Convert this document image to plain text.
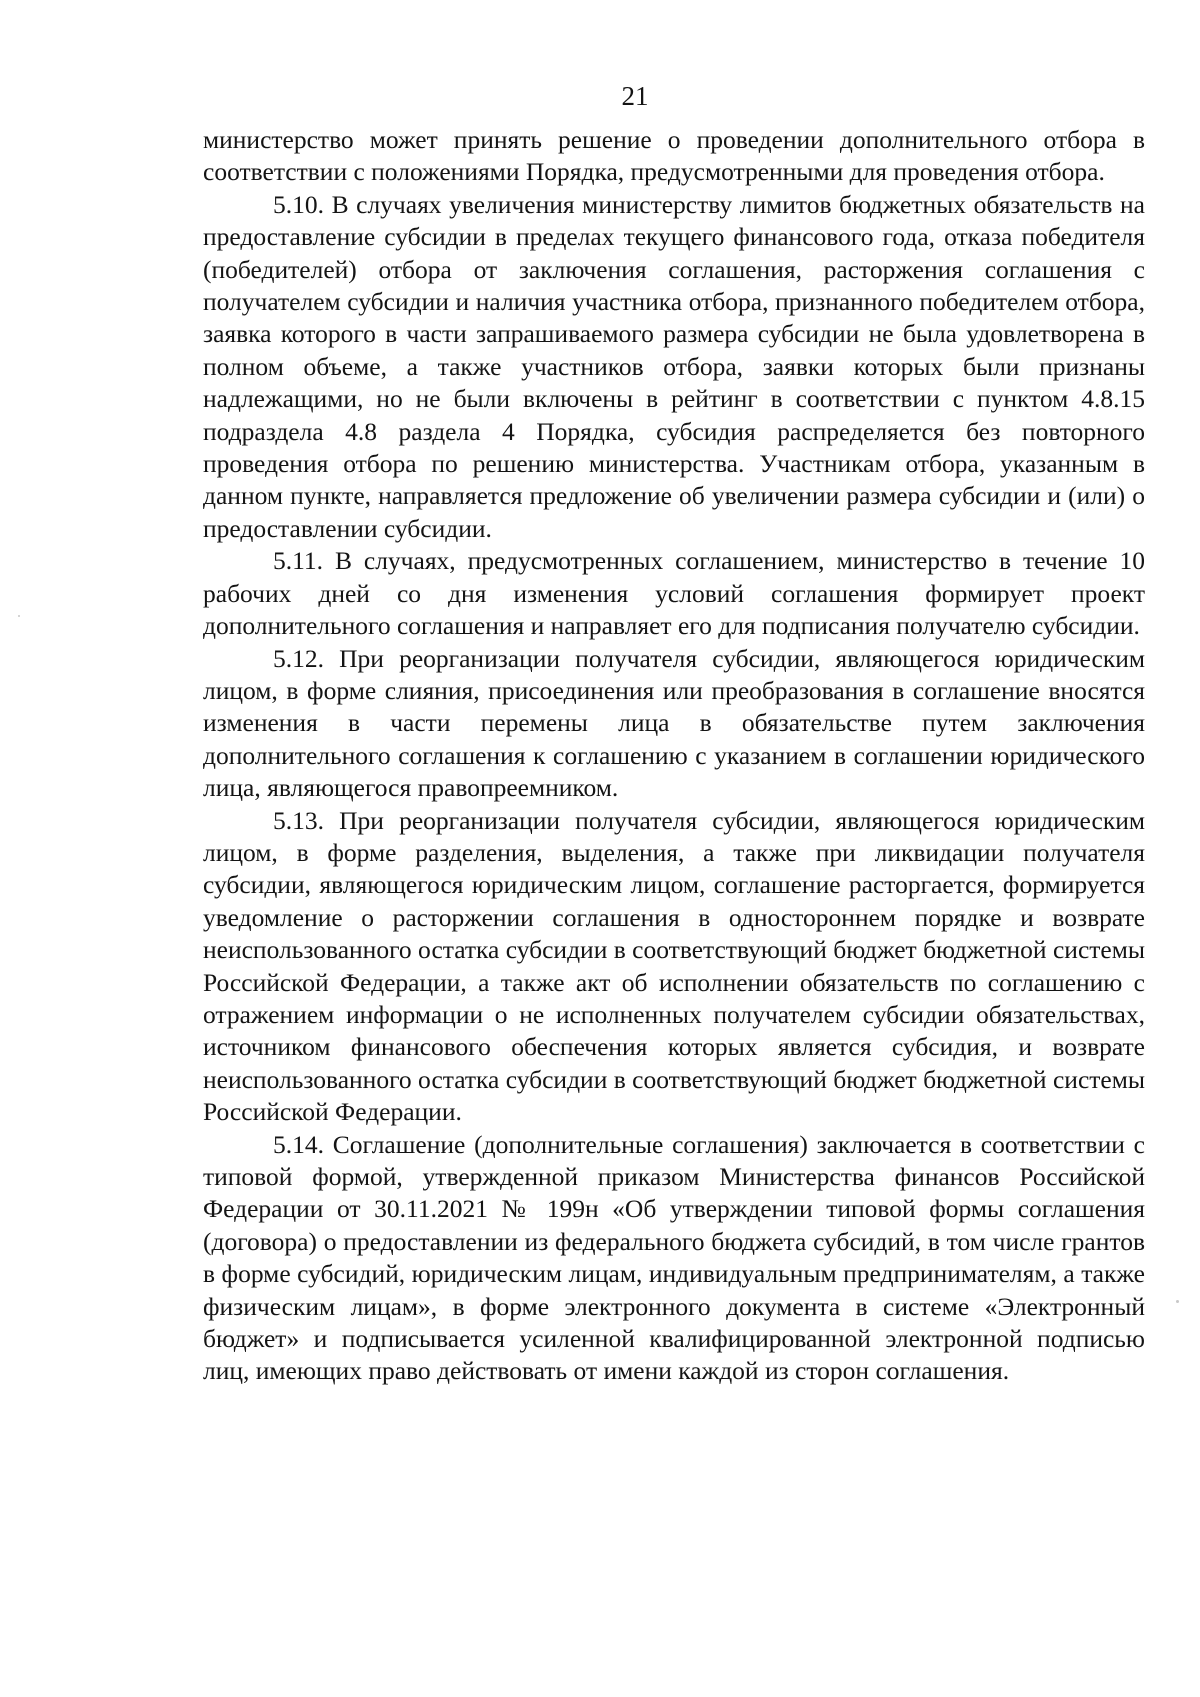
21

министерство может принять решение о проведении дополнительного отбора в соответствии с положениями Порядка, предусмотренными для проведения отбора.

5.10. В случаях увеличения министерству лимитов бюджетных обязательств на предоставление субсидии в пределах текущего финансового года, отказа победителя (победителей) отбора от заключения соглашения, расторжения соглашения с получателем субсидии и наличия участника отбора, признанного победителем отбора, заявка которого в части запрашиваемого размера субсидии не была удовлетворена в полном объеме, а также участников отбора, заявки которых были признаны надлежащими, но не были включены в рейтинг в соответствии с пунктом 4.8.15 подраздела 4.8 раздела 4 Порядка, субсидия распределяется без повторного проведения отбора по решению министерства. Участникам отбора, указанным в данном пункте, направляется предложение об увеличении размера субсидии и (или) о предоставлении субсидии.

5.11. В случаях, предусмотренных соглашением, министерство в течение 10 рабочих дней со дня изменения условий соглашения формирует проект дополнительного соглашения и направляет его для подписания получателю субсидии.

5.12. При реорганизации получателя субсидии, являющегося юридическим лицом, в форме слияния, присоединения или преобразования в соглашение вносятся изменения в части перемены лица в обязательстве путем заключения дополнительного соглашения к соглашению с указанием в соглашении юридического лица, являющегося правопреемником.

5.13. При реорганизации получателя субсидии, являющегося юридическим лицом, в форме разделения, выделения, а также при ликвидации получателя субсидии, являющегося юридическим лицом, соглашение расторгается, формируется уведомление о расторжении соглашения в одностороннем порядке и возврате неиспользованного остатка субсидии в соответствующий бюджет бюджетной системы Российской Федерации, а также акт об исполнении обязательств по соглашению с отражением информации о не исполненных получателем субсидии обязательствах, источником финансового обеспечения которых является субсидия, и возврате неиспользованного остатка субсидии в соответствующий бюджет бюджетной системы Российской Федерации.

5.14. Соглашение (дополнительные соглашения) заключается в соответствии с типовой формой, утвержденной приказом Министерства финансов Российской Федерации от 30.11.2021 № 199н «Об утверждении типовой формы соглашения (договора) о предоставлении из федерального бюджета субсидий, в том числе грантов в форме субсидий, юридическим лицам, индивидуальным предпринимателям, а также физическим лицам», в форме электронного документа в системе «Электронный бюджет» и подписывается усиленной квалифицированной электронной подписью лиц, имеющих право действовать от имени каждой из сторон соглашения.
